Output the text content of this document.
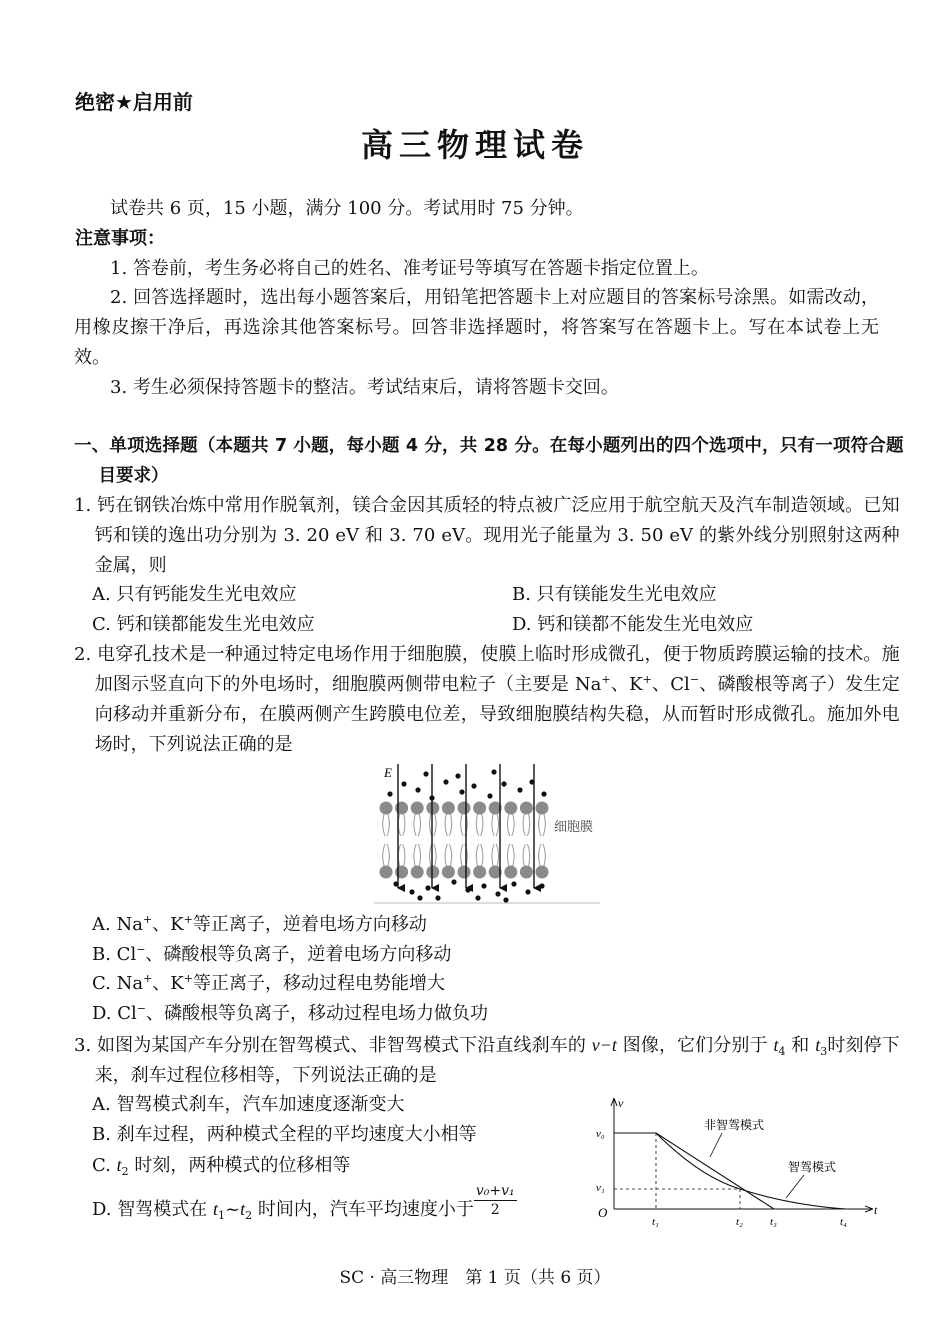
绝密★启用前
高三物理试卷
试卷共 6 页，15 小题，满分 100 分。考试用时 75 分钟。
注意事项：
1. 答卷前，考生务必将自己的姓名、准考证号等填写在答题卡指定位置上。
2. 回答选择题时，选出每小题答案后，用铅笔把答题卡上对应题目的答案标号涂黑。如需改动，用橡皮擦干净后，再选涂其他答案标号。回答非选择题时，将答案写在答题卡上。写在本试卷上无效。
3. 考生必须保持答题卡的整洁。考试结束后，请将答题卡交回。
一、单项选择题（本题共 7 小题，每小题 4 分，共 28 分。在每小题列出的四个选项中，只有一项符合题目要求）
1. 钙在钢铁冶炼中常用作脱氧剂，镁合金因其质轻的特点被广泛应用于航空航天及汽车制造领域。已知钙和镁的逸出功分别为 3. 20 eV 和 3. 70 eV。现用光子能量为 3. 50 eV 的紫外线分别照射这两种金属，则
A. 只有钙能发生光电效应	B. 只有镁能发生光电效应
C. 钙和镁都能发生光电效应	D. 钙和镁都不能发生光电效应
2. 电穿孔技术是一种通过特定电场作用于细胞膜，使膜上临时形成微孔，便于物质跨膜运输的技术。施加图示竖直向下的外电场时，细胞膜两侧带电粒子（主要是 Na+、K+、Cl−、磷酸根等离子）发生定向移动并重新分布，在膜两侧产生跨膜电位差，导致细胞膜结构失稳，从而暂时形成微孔。施加外电场时，下列说法正确的是
E
细胞膜
A. Na+、K+等正离子，逆着电场方向移动
B. Cl−、磷酸根等负离子，逆着电场方向移动
C. Na+、K+等正离子，移动过程电势能增大
D. Cl−、磷酸根等负离子，移动过程电场力做负功
3. 如图为某国产车分别在智驾模式、非智驾模式下沿直线刹车的 v−t 图像，它们分别于 $t_4$ 和 $t_3$时刻停下来，刹车过程位移相等，下列说法正确的是
A. 智驾模式刹车，汽车加速度逐渐变大
B. 刹车过程，两种模式全程的平均速度大小相等
C. $t_2$ 时刻，两种模式的位移相等
D. 智驾模式在 $t_1\sim t_2$ 时间内，汽车平均速度小于 $\frac{\text{v₀+v₁}}{2}$
v
t
O
v₀
v₁
t₁	t₂ t₃	t₄
非智驾模式
智驾模式
SC · 高三物理　第 1 页（共 6 页）
